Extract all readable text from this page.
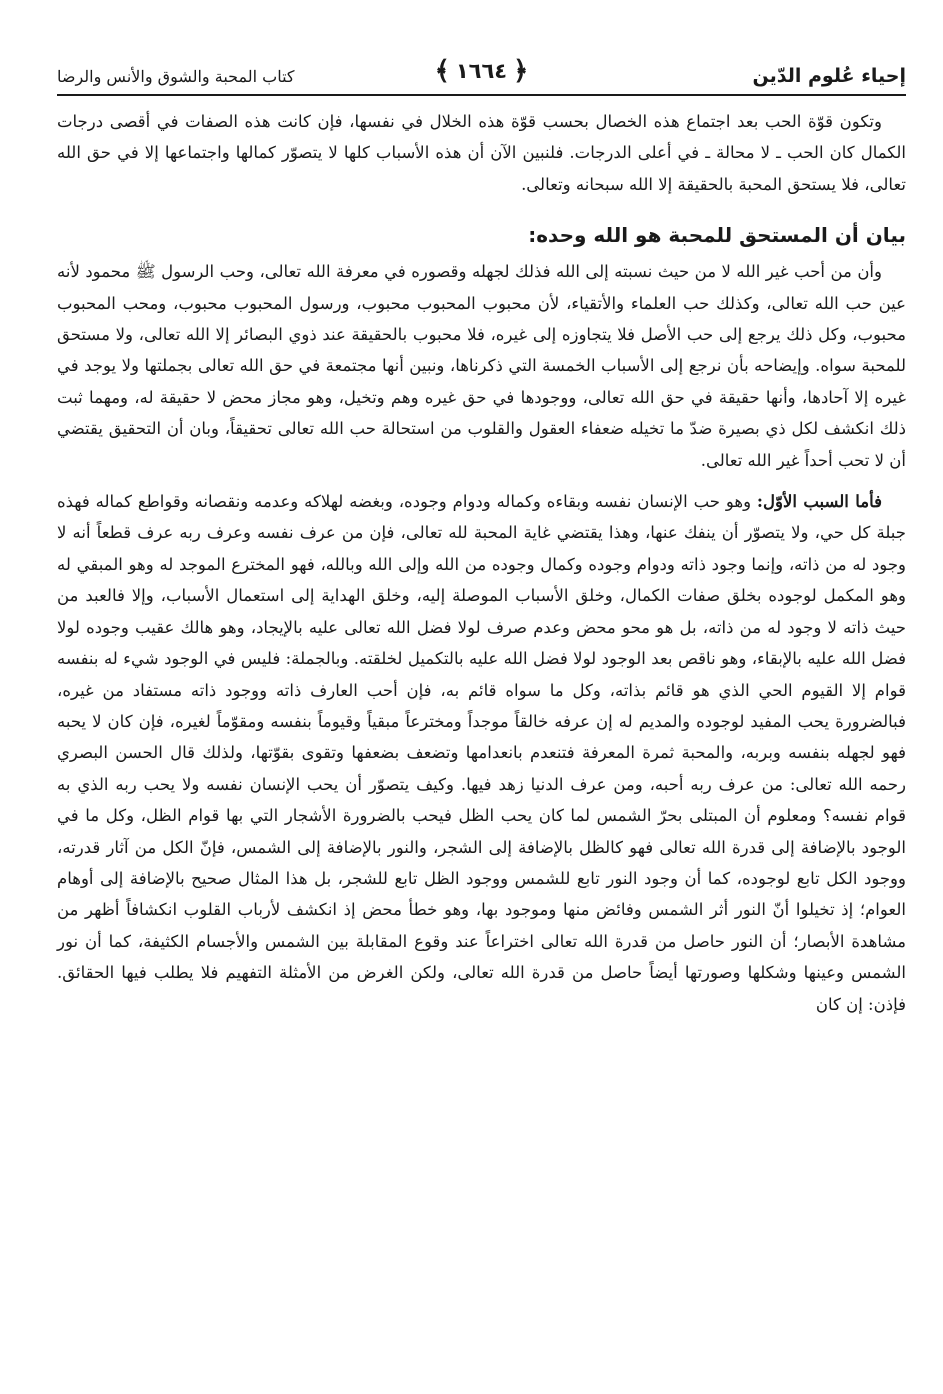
إحياء عُلوم الدّين
﴾ ١٦٦٤ ﴿
كتاب المحبة والشوق والأنس والرضا

وتكون قوّة الحب بعد اجتماع هذه الخصال بحسب قوّة هذه الخلال في نفسها، فإن كانت هذه الصفات في أقصى درجات الكمال كان الحب ـ لا محالة ـ في أعلى الدرجات. فلنبين الآن أن هذه الأسباب كلها لا يتصوّر كمالها واجتماعها إلا في حق الله تعالى، فلا يستحق المحبة بالحقيقة إلا الله سبحانه وتعالى.

بيان أن المستحق للمحبة هو الله وحده:

وأن من أحب غير الله لا من حيث نسبته إلى الله فذلك لجهله وقصوره في معرفة الله تعالى، وحب الرسول ﷺ محمود لأنه عين حب الله تعالى، وكذلك حب العلماء والأتقياء، لأن محبوب المحبوب محبوب، ورسول المحبوب محبوب، ومحب المحبوب محبوب، وكل ذلك يرجع إلى حب الأصل فلا يتجاوزه إلى غيره، فلا محبوب بالحقيقة عند ذوي البصائر إلا الله تعالى، ولا مستحق للمحبة سواه. وإيضاحه بأن نرجع إلى الأسباب الخمسة التي ذكرناها، ونبين أنها مجتمعة في حق الله تعالى بجملتها ولا يوجد في غيره إلا آحادها، وأنها حقيقة في حق الله تعالى، ووجودها في حق غيره وهم وتخيل، وهو مجاز محض لا حقيقة له، ومهما ثبت ذلك انكشف لكل ذي بصيرة ضدّ ما تخيله ضعفاء العقول والقلوب من استحالة حب الله تعالى تحقيقاً، وبان أن التحقيق يقتضي أن لا تحب أحداً غير الله تعالى.

فأما السبب الأوّل: وهو حب الإنسان نفسه وبقاءه وكماله ودوام وجوده، وبغضه لهلاكه وعدمه ونقصانه وقواطع كماله فهذه جبلة كل حي، ولا يتصوّر أن ينفك عنها، وهذا يقتضي غاية المحبة لله تعالى، فإن من عرف نفسه وعرف ربه عرف قطعاً أنه لا وجود له من ذاته، وإنما وجود ذاته ودوام وجوده وكمال وجوده من الله وإلى الله وبالله، فهو المخترع الموجد له وهو المبقي له وهو المكمل لوجوده بخلق صفات الكمال، وخلق الأسباب الموصلة إليه، وخلق الهداية إلى استعمال الأسباب، وإلا فالعبد من حيث ذاته لا وجود له من ذاته، بل هو محو محض وعدم صرف لولا فضل الله تعالى عليه بالإيجاد، وهو هالك عقيب وجوده لولا فضل الله عليه بالإبقاء، وهو ناقص بعد الوجود لولا فضل الله عليه بالتكميل لخلقته. وبالجملة: فليس في الوجود شيء له بنفسه قوام إلا القيوم الحي الذي هو قائم بذاته، وكل ما سواه قائم به، فإن أحب العارف ذاته ووجود ذاته مستفاد من غيره، فبالضرورة يحب المفيد لوجوده والمديم له إن عرفه خالقاً موجداً ومخترعاً مبقياً وقيوماً بنفسه ومقوّماً لغيره، فإن كان لا يحبه فهو لجهله بنفسه وبربه، والمحبة ثمرة المعرفة فتنعدم بانعدامها وتضعف بضعفها وتقوى بقوّتها، ولذلك قال الحسن البصري رحمه الله تعالى: من عرف ربه أحبه، ومن عرف الدنيا زهد فيها. وكيف يتصوّر أن يحب الإنسان نفسه ولا يحب ربه الذي به قوام نفسه؟ ومعلوم أن المبتلى بحرّ الشمس لما كان يحب الظل فيحب بالضرورة الأشجار التي بها قوام الظل، وكل ما في الوجود بالإضافة إلى قدرة الله تعالى فهو كالظل بالإضافة إلى الشجر، والنور بالإضافة إلى الشمس، فإنّ الكل من آثار قدرته، ووجود الكل تابع لوجوده، كما أن وجود النور تابع للشمس ووجود الظل تابع للشجر، بل هذا المثال صحيح بالإضافة إلى أوهام العوام؛ إذ تخيلوا أنّ النور أثر الشمس وفائض منها وموجود بها، وهو خطأ محض إذ انكشف لأرباب القلوب انكشافاً أظهر من مشاهدة الأبصار؛ أن النور حاصل من قدرة الله تعالى اختراعاً عند وقوع المقابلة بين الشمس والأجسام الكثيفة، كما أن نور الشمس وعينها وشكلها وصورتها أيضاً حاصل من قدرة الله تعالى، ولكن الغرض من الأمثلة التفهيم فلا يطلب فيها الحقائق. فإذن: إن كان
